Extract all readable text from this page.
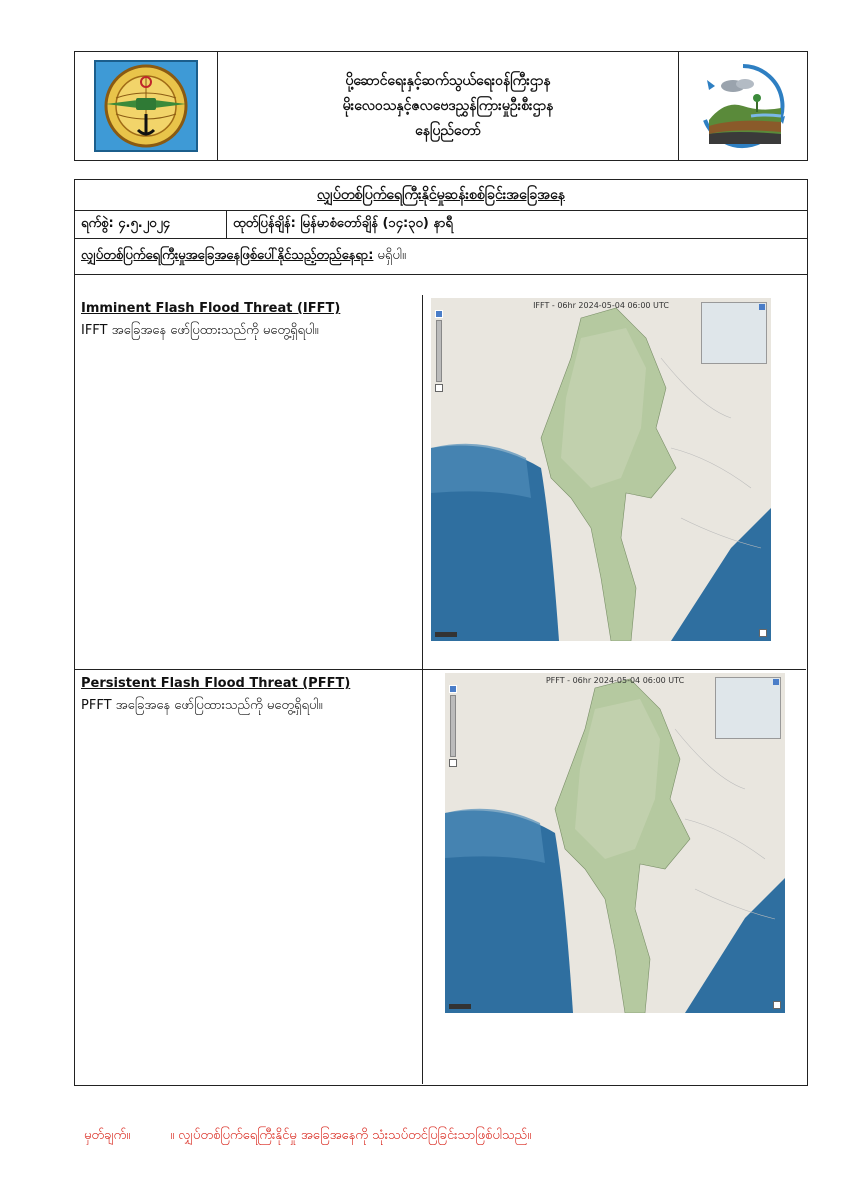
ပို့ဆောင်ရေးနှင့်ဆက်သွယ်ရေးဝန်ကြီးဌာန
မိုးလေဝသနှင့်ဇလဗေဒညွှန်ကြားမှုဦးစီးဌာန
နေပြည်တော်
လျှပ်တစ်ပြက်ရေကြီးနိုင်မှုဆန်းစစ်ခြင်းအခြေအနေ
ရက်စွဲ: ၄.၅.၂၀၂၄	ထုတ်ပြန်ချိန်: မြန်မာစံတော်ချိန် (၁၄:၃၀) နာရီ
လျှပ်တစ်ပြက်ရေကြီးမှုအခြေအနေဖြစ်ပေါ်နိုင်သည့်တည်နေရာ: မရှိပါ။
Imminent Flash Flood Threat (IFFT)
IFFT အခြေအနေ ဖော်ပြထားသည်ကို မတွေ့ရှိရပါ။
IFFT - 06hr 2024-05-04 06:00 UTC
Persistent Flash Flood Threat (PFFT)
PFFT အခြေအနေ ဖော်ပြထားသည်ကို မတွေ့ရှိရပါ။
PFFT - 06hr 2024-05-04 06:00 UTC
မှတ်ချက်။	။ လျှပ်တစ်ပြက်ရေကြီးနိုင်မှု အခြေအနေကို သုံးသပ်တင်ပြခြင်းသာဖြစ်ပါသည်။
